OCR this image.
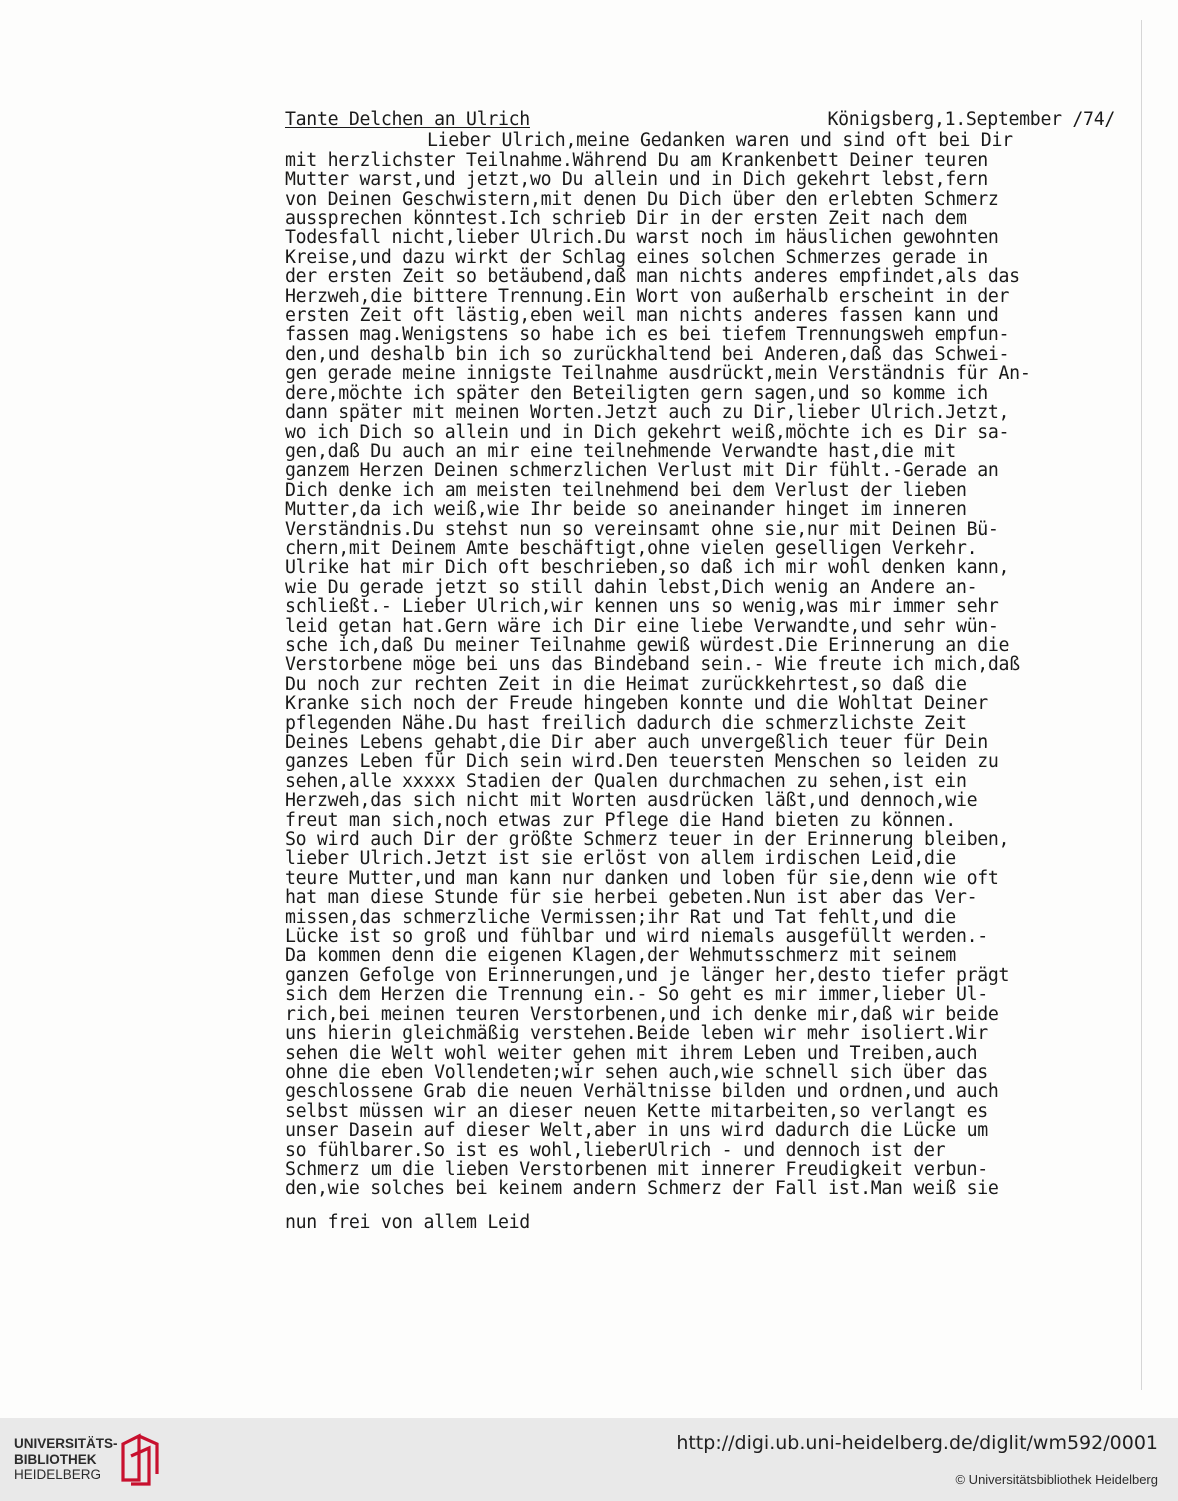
Tante Delchen an Ulrich	Königsberg,1.September /74/
Lieber Ulrich,meine Gedanken waren und sind oft bei Dir
mit herzlichster Teilnahme.Während Du am Krankenbett Deiner teuren
Mutter warst,und jetzt,wo Du allein und in Dich gekehrt lebst,fern
von Deinen Geschwistern,mit denen Du Dich über den erlebten Schmerz
aussprechen könntest.Ich schrieb Dir in der ersten Zeit nach dem
Todesfall nicht,lieber Ulrich.Du warst noch im häuslichen gewohnten
Kreise,und dazu wirkt der Schlag eines solchen Schmerzes gerade in
der ersten Zeit so betäubend,daß man nichts anderes empfindet,als das
Herzweh,die bittere Trennung.Ein Wort von außerhalb erscheint in der
ersten Zeit oft lästig,eben weil man nichts anderes fassen kann und
fassen mag.Wenigstens so habe ich es bei tiefem Trennungsweh empfun-
den,und deshalb bin ich so zurückhaltend bei Anderen,daß das Schwei-
gen gerade meine innigste Teilnahme ausdrückt,mein Verständnis für An-
dere,möchte ich später den Beteiligten gern sagen,und so komme ich
dann später mit meinen Worten.Jetzt auch zu Dir,lieber Ulrich.Jetzt,
wo ich Dich so allein und in Dich gekehrt weiß,möchte ich es Dir sa-
gen,daß Du auch an mir eine teilnehmende Verwandte hast,die mit
ganzem Herzen Deinen schmerzlichen Verlust mit Dir fühlt.-Gerade an
Dich denke ich am meisten teilnehmend bei dem Verlust der lieben
Mutter,da ich weiß,wie Ihr beide so aneinander hinget im inneren
Verständnis.Du stehst nun so vereinsamt ohne sie,nur mit Deinen Bü-
chern,mit Deinem Amte beschäftigt,ohne vielen geselligen Verkehr.
Ulrike hat mir Dich oft beschrieben,so daß ich mir wohl denken kann,
wie Du gerade jetzt so still dahin lebst,Dich wenig an Andere an-
schließt.- Lieber Ulrich,wir kennen uns so wenig,was mir immer sehr
leid getan hat.Gern wäre ich Dir eine liebe Verwandte,und sehr wün-
sche ich,daß Du meiner Teilnahme gewiß würdest.Die Erinnerung an die
Verstorbene möge bei uns das Bindeband sein.- Wie freute ich mich,daß
Du noch zur rechten Zeit in die Heimat zurückkehrtest,so daß die
Kranke sich noch der Freude hingeben konnte und die Wohltat Deiner
pflegenden Nähe.Du hast freilich dadurch die schmerzlichste Zeit
Deines Lebens gehabt,die Dir aber auch unvergeßlich teuer für Dein
ganzes Leben für Dich sein wird.Den teuersten Menschen so leiden zu
sehen,alle xxxxx Stadien der Qualen durchmachen zu sehen,ist ein
Herzweh,das sich nicht mit Worten ausdrücken läßt,und dennoch,wie
freut man sich,noch etwas zur Pflege die Hand bieten zu können.
So wird auch Dir der größte Schmerz teuer in der Erinnerung bleiben,
lieber Ulrich.Jetzt ist sie erlöst von allem irdischen Leid,die
teure Mutter,und man kann nur danken und loben für sie,denn wie oft
hat man diese Stunde für sie herbei gebeten.Nun ist aber das Ver-
missen,das schmerzliche Vermissen;ihr Rat und Tat fehlt,und die
Lücke ist so groß und fühlbar und wird niemals ausgefüllt werden.-
Da kommen denn die eigenen Klagen,der Wehmutsschmerz mit seinem
ganzen Gefolge von Erinnerungen,und je länger her,desto tiefer prägt
sich dem Herzen die Trennung ein.- So geht es mir immer,lieber Ul-
rich,bei meinen teuren Verstorbenen,und ich denke mir,daß wir beide
uns hierin gleichmäßig verstehen.Beide leben wir mehr isoliert.Wir
sehen die Welt wohl weiter gehen mit ihrem Leben und Treiben,auch
ohne die eben Vollendeten;wir sehen auch,wie schnell sich über das
geschlossene Grab die neuen Verhältnisse bilden und ordnen,und auch
selbst müssen wir an dieser neuen Kette mitarbeiten,so verlangt es
unser Dasein auf dieser Welt,aber in uns wird dadurch die Lücke um
so fühlbarer.So ist es wohl,lieberUlrich - und dennoch ist der
Schmerz um die lieben Verstorbenen mit innerer Freudigkeit verbun-
den,wie solches bei keinem andern Schmerz der Fall ist.Man weiß sie
nun frei von allem Leid
UNIVERSITÄTS-
BIBLIOTHEK
HEIDELBERG
http://digi.ub.uni-heidelberg.de/diglit/wm592/0001
© Universitätsbibliothek Heidelberg
